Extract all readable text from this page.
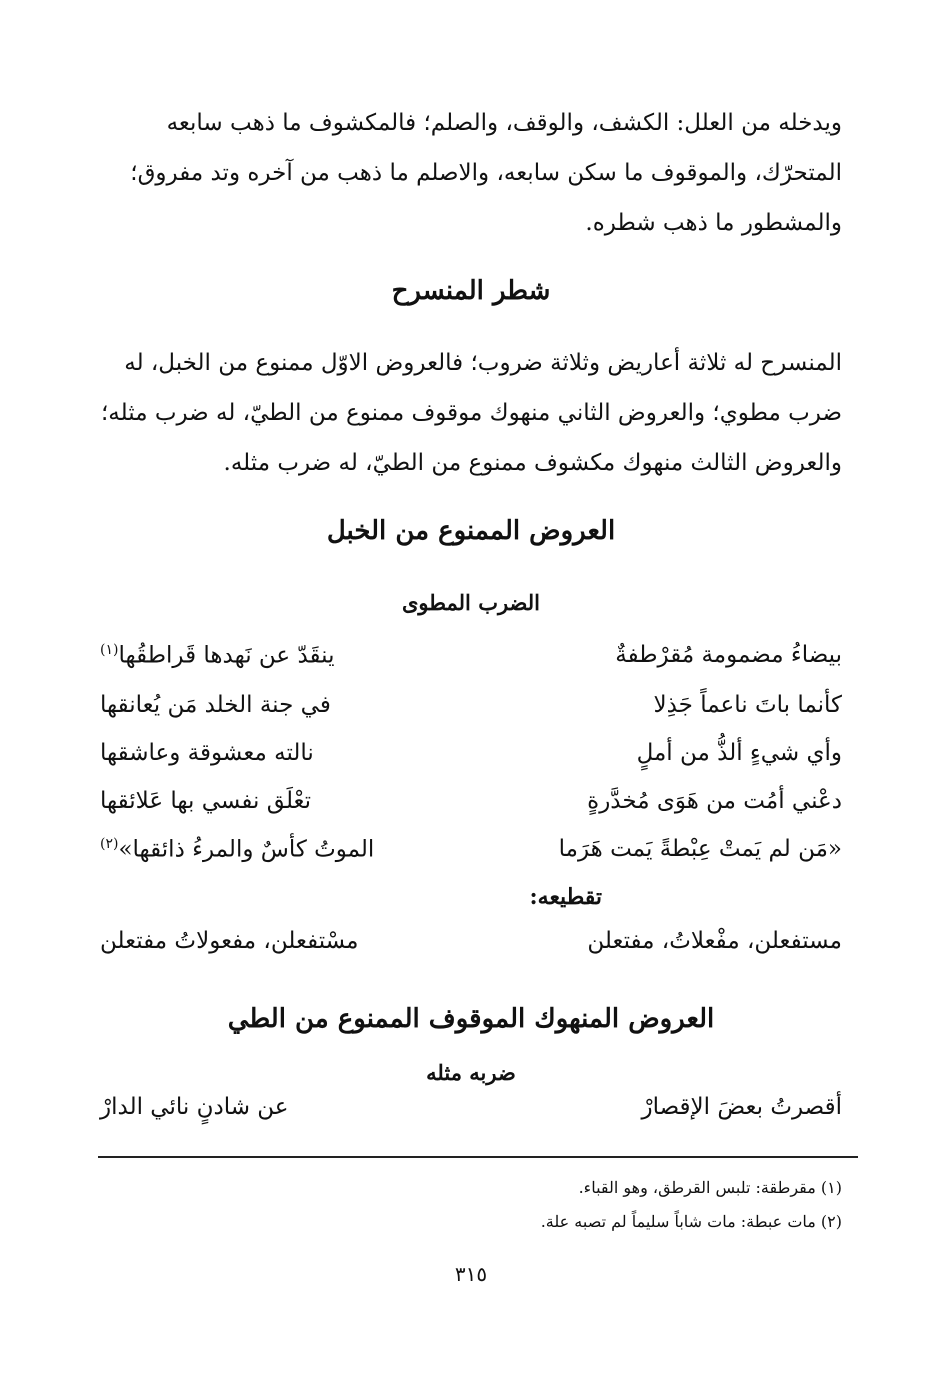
ويدخله من العلل: الكشف، والوقف، والصلم؛ فالمكشوف ما ذهب سابعه
المتحرّك، والموقوف ما سكن سابعه، والاصلم ما ذهب من آخره وتد مفروق؛
والمشطور ما ذهب شطره.
شطر المنسرح
المنسرح له ثلاثة أعاريض وثلاثة ضروب؛ فالعروض الاوّل ممنوع من الخبل، له
ضرب مطوي؛ والعروض الثاني منهوك موقوف ممنوع من الطيّ، له ضرب مثله؛
والعروض الثالث منهوك مكشوف ممنوع من الطيّ، له ضرب مثله.
العروض الممنوع من الخبل
الضرب المطوى
بيضاءُ مضمومة مُقرْطفةٌ
ينقَدّ عن نَهدها قَراطقُها$^{(١)}$
كأنما باتَ ناعماً جَذِلا
في جنة الخلد مَن يُعانقها
وأي شيءٍ ألذُّ من أملٍ
نالته معشوقة وعاشقها
دعْني أمُت من هَوَى مُخدَّرةٍ
تعْلَق نفسي بها عَلائقها
«مَن لم يَمتْ عِبْطةً يَمت هَرَما
الموتُ كأسٌ والمرءُ ذائقها»$^{(٢)}$
تقطيعه:
مستفعلن، مفْعلاتُ، مفتعلن
مسْتفعلن، مفعولاتُ مفتعلن
العروض المنهوك الموقوف الممنوع من الطي
ضربه مثله
أقصرتُ بعضَ الإقصارْ
عن شادنٍ نائي الدارْ
(١) مقرطقة: تلبس القرطق، وهو القباء.
(٢) مات عبطة: مات شاباً سليماً لم تصبه علة.
٣١٥
